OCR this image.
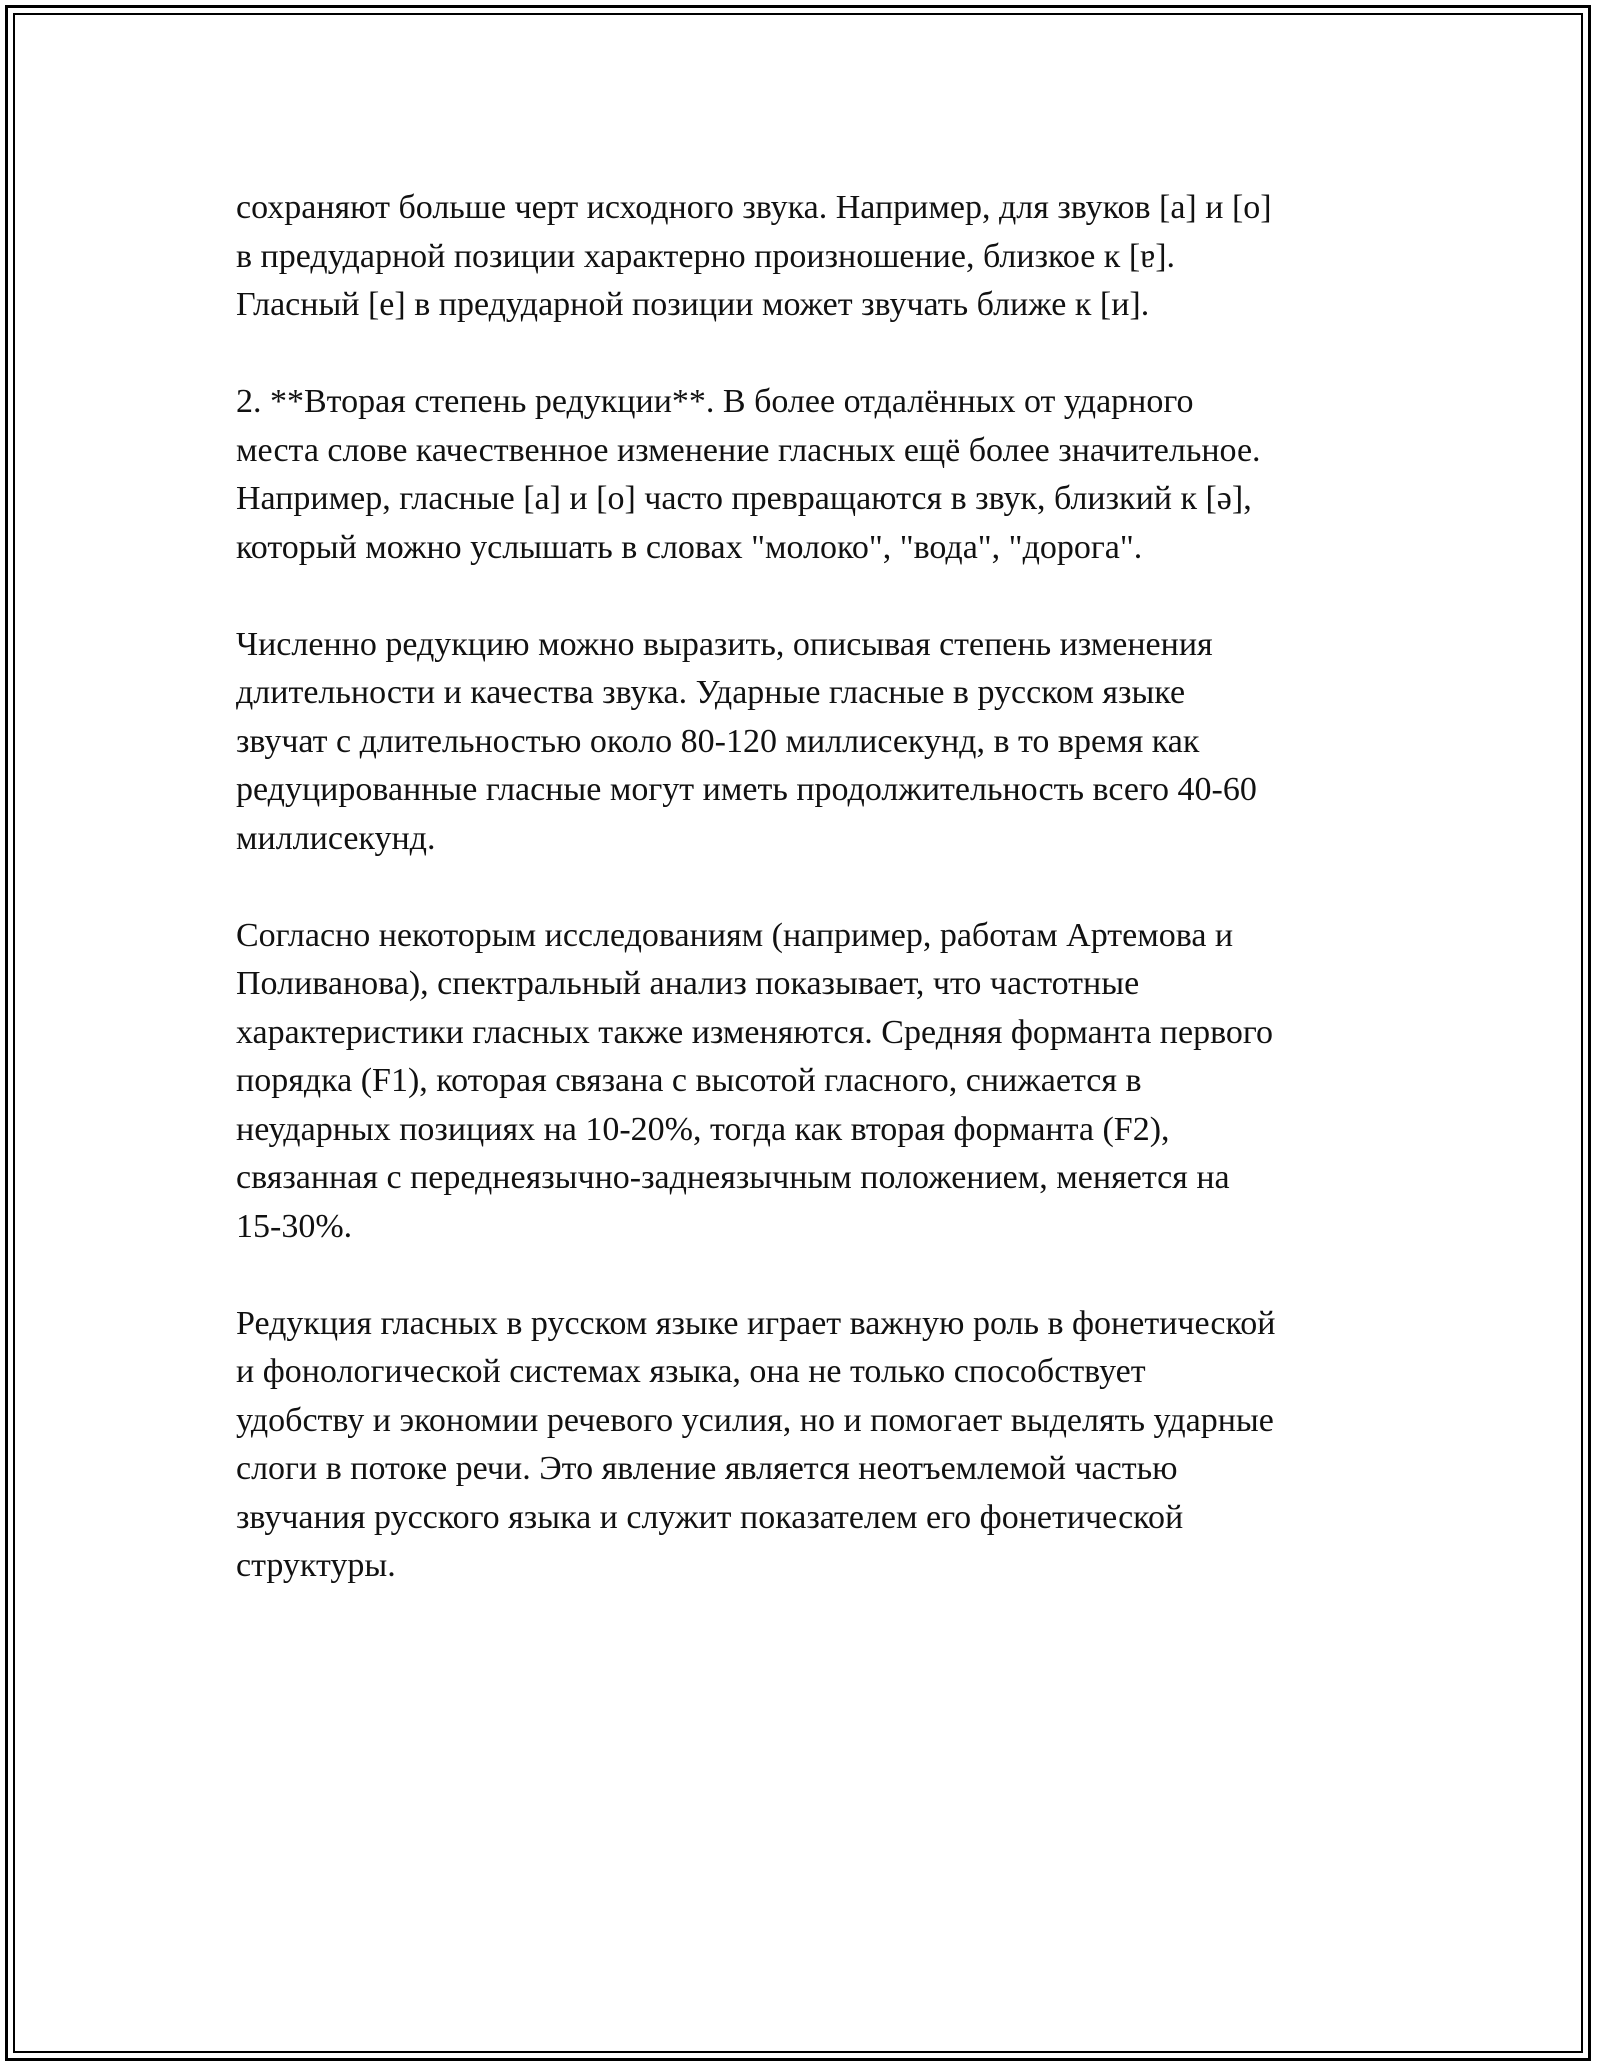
сохраняют больше черт исходного звука. Например, для звуков [а] и [о]
в предударной позиции характерно произношение, близкое к [ɐ].
Гласный [е] в предударной позиции может звучать ближе к [и].

2. **Вторая степень редукции**. В более отдалённых от ударного
места слове качественное изменение гласных ещё более значительное.
Например, гласные [а] и [о] часто превращаются в звук, близкий к [ə],
который можно услышать в словах "молоко", "вода", "дорога".

Численно редукцию можно выразить, описывая степень изменения
длительности и качества звука. Ударные гласные в русском языке
звучат с длительностью около 80-120 миллисекунд, в то время как
редуцированные гласные могут иметь продолжительность всего 40-60
миллисекунд.

Согласно некоторым исследованиям (например, работам Артемова и
Поливанова), спектральный анализ показывает, что частотные
характеристики гласных также изменяются. Средняя форманта первого
порядка (F1), которая связана с высотой гласного, снижается в
неударных позициях на 10-20%, тогда как вторая форманта (F2),
связанная с переднеязычно-заднеязычным положением, меняется на
15-30%.

Редукция гласных в русском языке играет важную роль в фонетической
и фонологической системах языка, она не только способствует
удобству и экономии речевого усилия, но и помогает выделять ударные
слоги в потоке речи. Это явление является неотъемлемой частью
звучания русского языка и служит показателем его фонетической
структуры.
